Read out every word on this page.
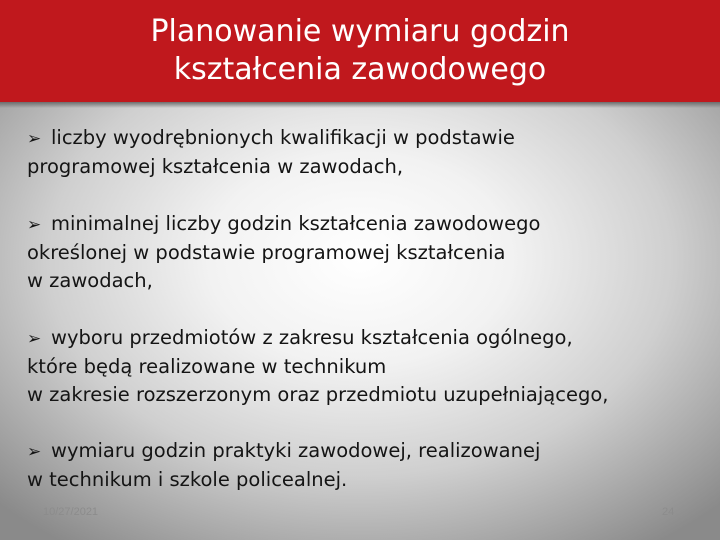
Planowanie wymiaru godzin
kształcenia zawodowego
➢ liczby wyodrębnionych kwalifikacji w podstawie
programowej kształcenia w zawodach,
➢ minimalnej liczby godzin kształcenia zawodowego
określonej w podstawie programowej kształcenia
w zawodach,
➢ wyboru przedmiotów z zakresu kształcenia ogólnego,
które będą realizowane w technikum
w zakresie rozszerzonym oraz przedmiotu uzupełniającego,
➢ wymiaru godzin praktyki zawodowej, realizowanej
w technikum i szkole policealnej.
10/27/2021	24
